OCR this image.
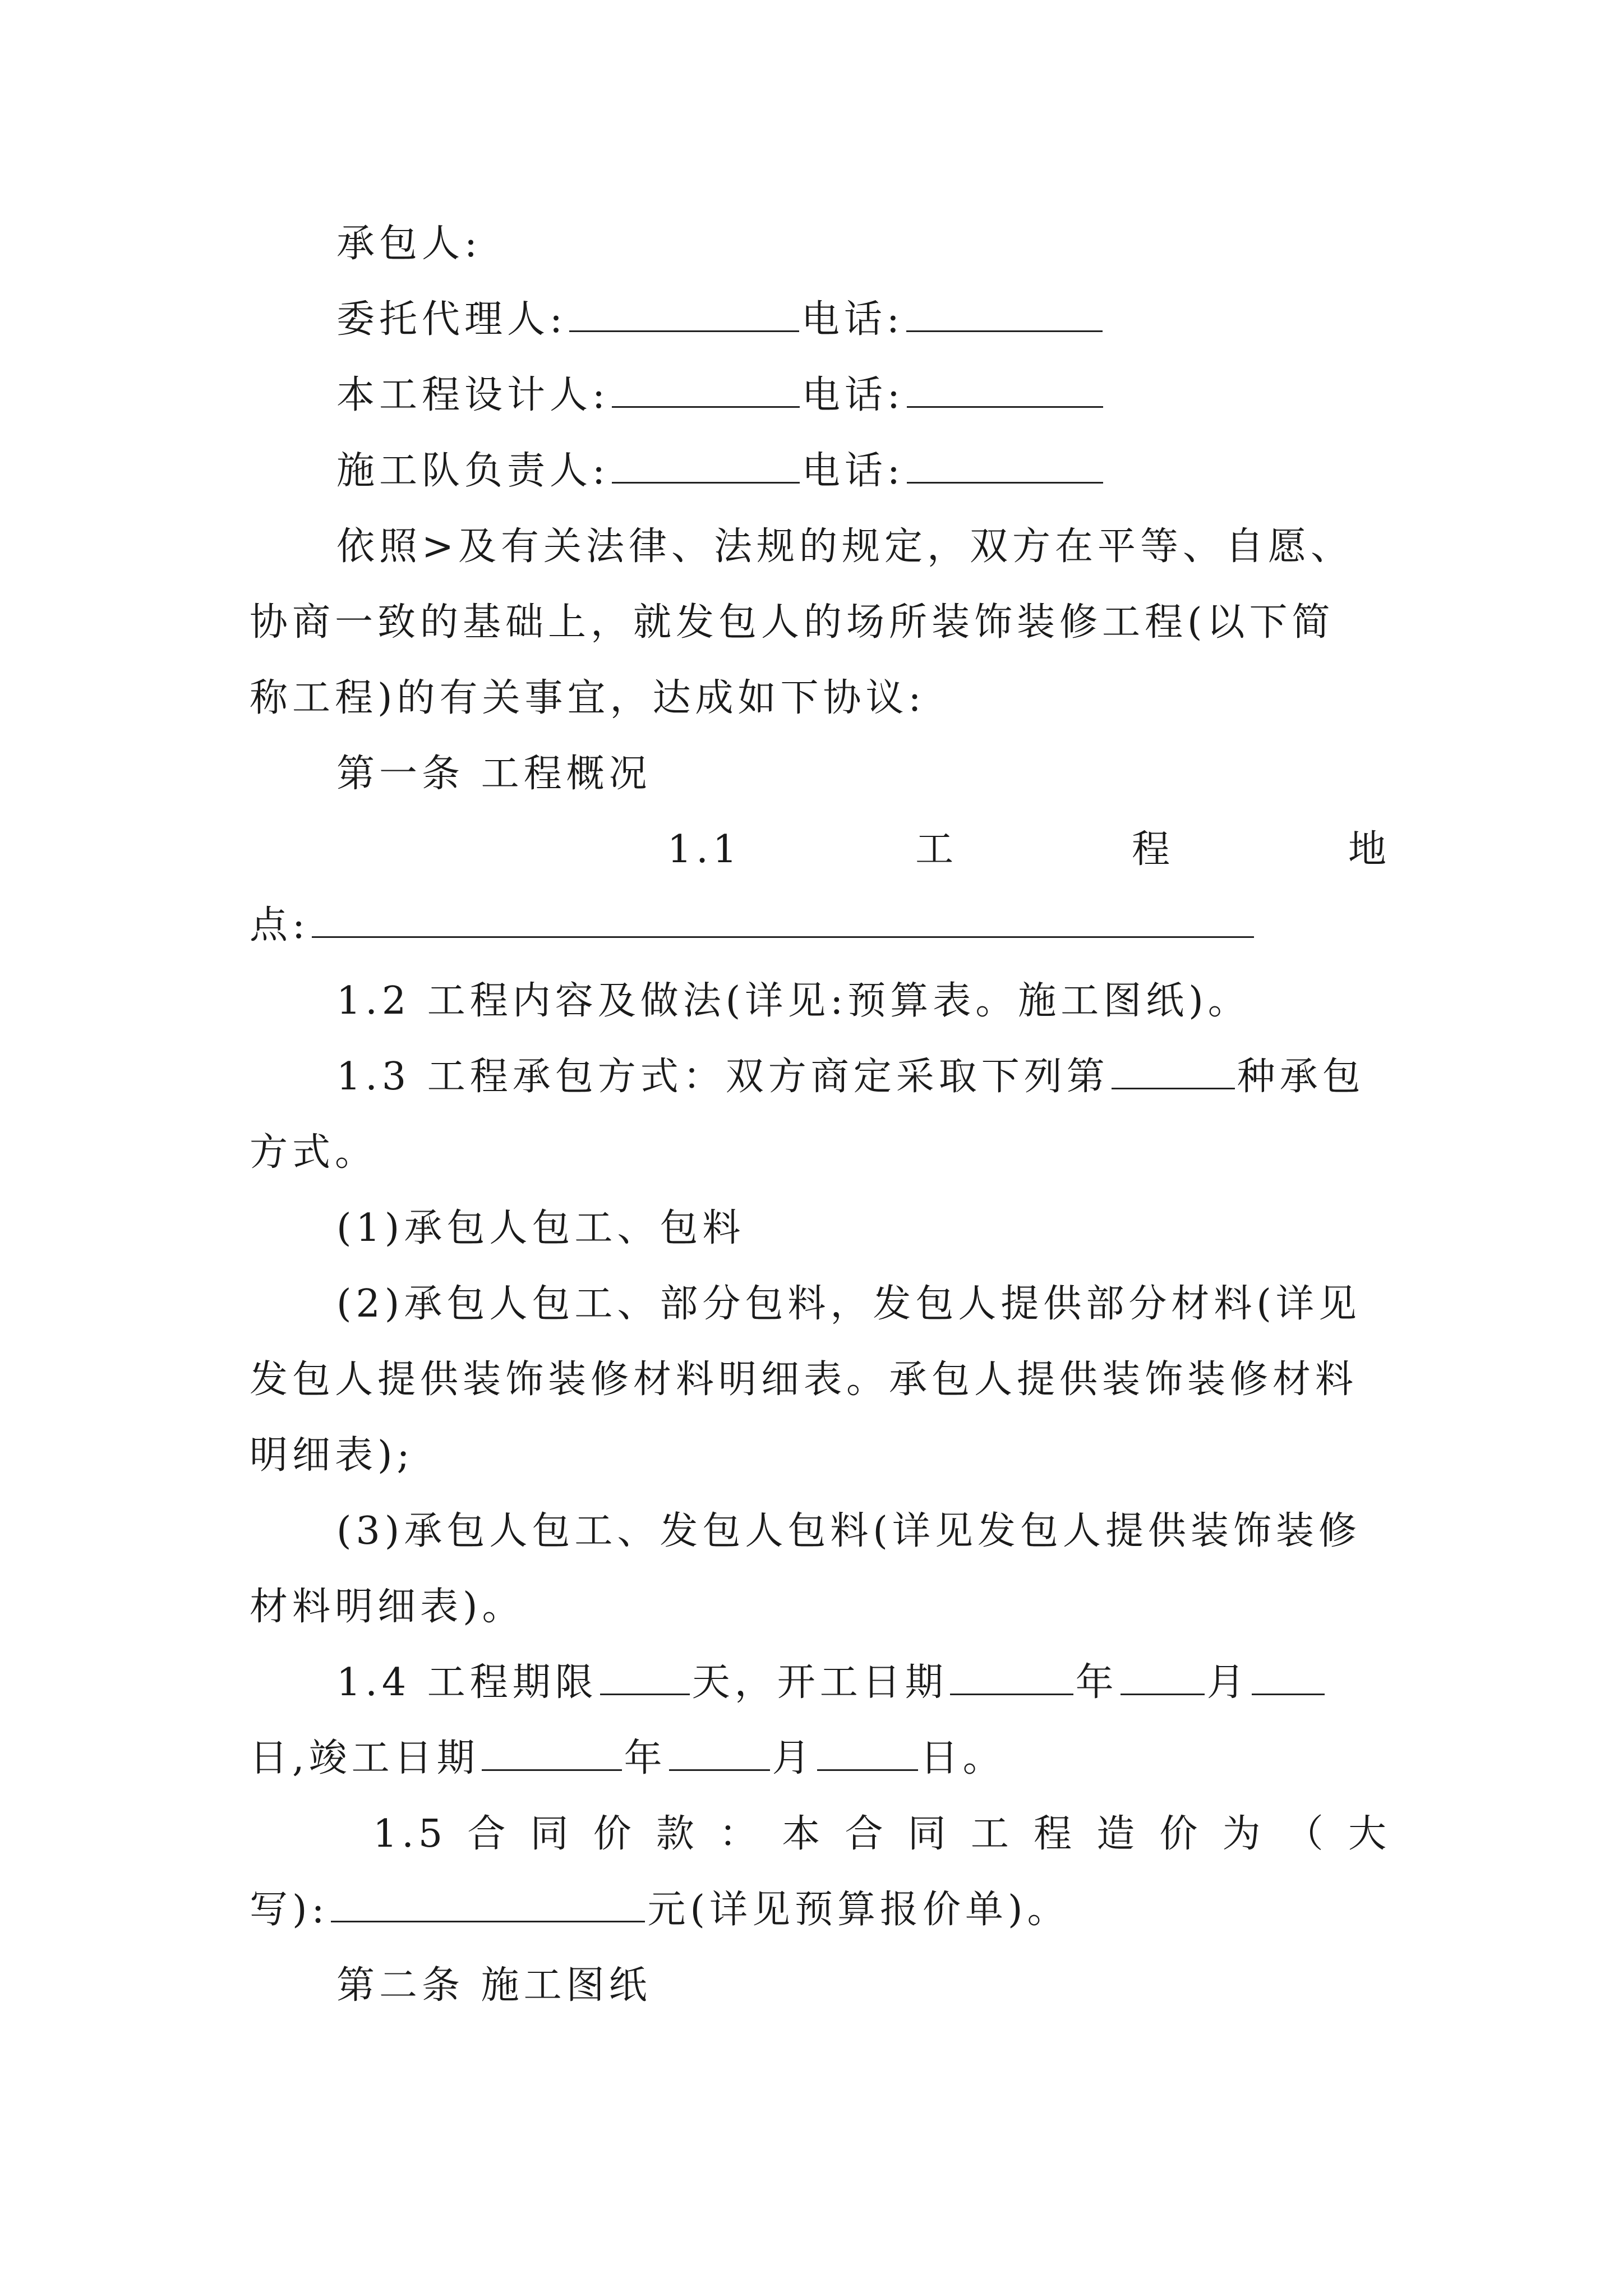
承包人:
委托代理人:	电话:
本工程设计人:	电话:
施工队负责人:	电话:
依照>及有关法律、法规的规定，双方在平等、自愿、
协商一致的基础上，就发包人的场所装饰装修工程(以下简
称工程)的有关事宜，达成如下协议:
第一条 工程概况
1.1	工	程	地
点:
1.2 工程内容及做法(详见:预算表。施工图纸)。
1.3 工程承包方式：双方商定采取下列第	种承包
方式。
(1)承包人包工、包料
(2)承包人包工、部分包料，发包人提供部分材料(详见
发包人提供装饰装修材料明细表。承包人提供装饰装修材料
明细表);
(3)承包人包工、发包人包料(详见发包人提供装饰装修
材料明细表)。
1.4 工程期限 天，开工日期	年 月
日,竣工日期	年	月	日。
1.5 合 同 价 款 ： 本 合 同 工 程 造 价 为 （ 大
写):	元(详见预算报价单)。
第二条 施工图纸
